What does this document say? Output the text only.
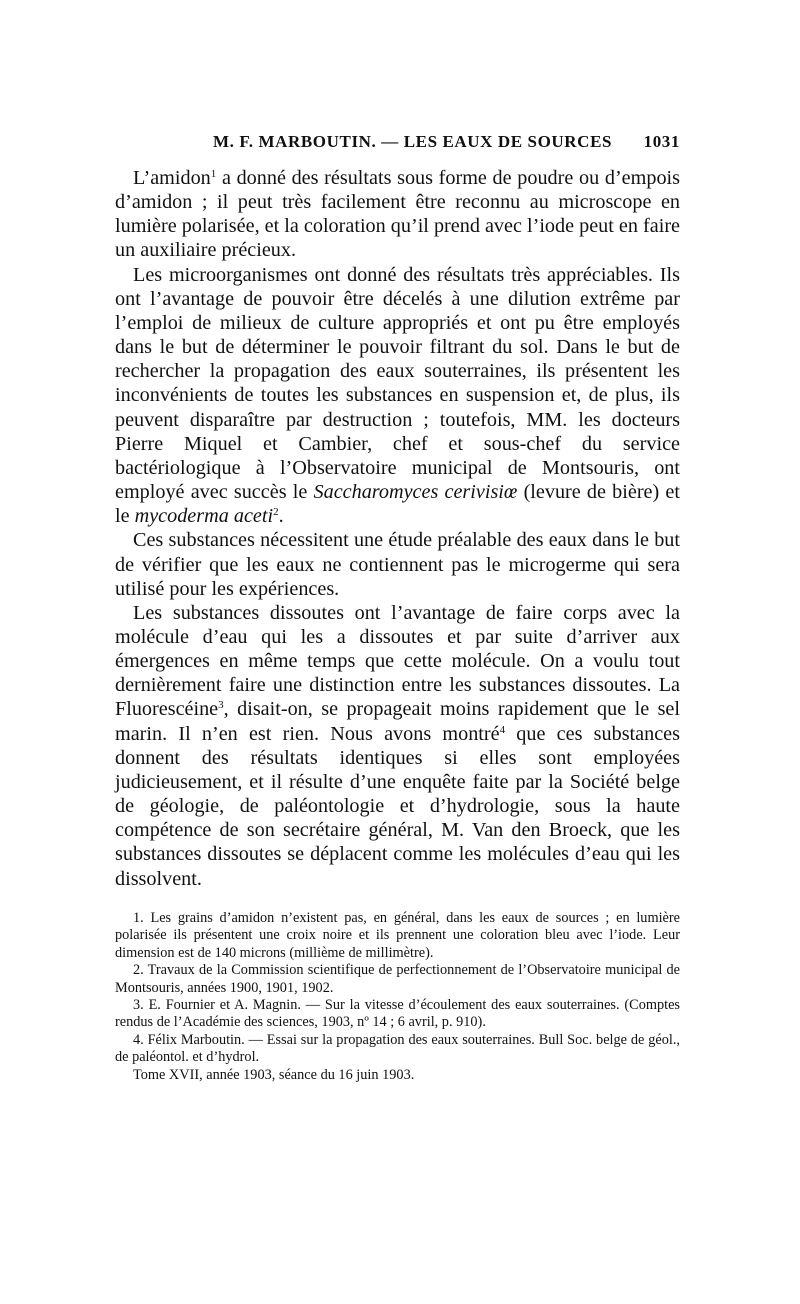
M. F. MARBOUTIN. — LES EAUX DE SOURCES 1031

L’amidon$^1$ a donné des résultats sous forme de poudre ou d’empois d’amidon ; il peut très facilement être reconnu au microscope en lumière polarisée, et la coloration qu’il prend avec l’iode peut en faire un auxiliaire précieux.

Les microorganismes ont donné des résultats très appréciables. Ils ont l’avantage de pouvoir être décelés à une dilution extrême par l’emploi de milieux de culture appropriés et ont pu être employés dans le but de déterminer le pouvoir filtrant du sol. Dans le but de rechercher la propagation des eaux souterraines, ils présentent les inconvénients de toutes les substances en suspension et, de plus, ils peuvent disparaître par destruction ; toutefois, MM. les docteurs Pierre Miquel et Cambier, chef et sous-chef du service bactériologique à l’Observatoire municipal de Montsouris, ont employé avec succès le Saccharomyces cerivisiœ (levure de bière) et le mycoderma aceti$^2$.

Ces substances nécessitent une étude préalable des eaux dans le but de vérifier que les eaux ne contiennent pas le microgerme qui sera utilisé pour les expériences.

Les substances dissoutes ont l’avantage de faire corps avec la molécule d’eau qui les a dissoutes et par suite d’arriver aux émergences en même temps que cette molécule. On a voulu tout dernièrement faire une distinction entre les substances dissoutes. La Fluorescéine$^3$, disait-on, se propageait moins rapidement que le sel marin. Il n’en est rien. Nous avons montré$^4$ que ces substances donnent des résultats identiques si elles sont employées judicieusement, et il résulte d’une enquête faite par la Société belge de géologie, de paléontologie et d’hydrologie, sous la haute compétence de son secrétaire général, M. Van den Broeck, que les substances dissoutes se déplacent comme les molécules d’eau qui les dissolvent.

1. Les grains d’amidon n’existent pas, en général, dans les eaux de sources ; en lumière polarisée ils présentent une croix noire et ils prennent une coloration bleu avec l’iode. Leur dimension est de 140 microns (millième de millimètre).

2. Travaux de la Commission scientifique de perfectionnement de l’Observatoire municipal de Montsouris, années 1900, 1901, 1902.

3. E. Fournier et A. Magnin. — Sur la vitesse d’écoulement des eaux souterraines. (Comptes rendus de l’Académie des sciences, 1903, nº 14 ; 6 avril, p. 910).

4. Félix Marboutin. — Essai sur la propagation des eaux souterraines. Bull Soc. belge de géol., de paléontol. et d’hydrol.

Tome XVII, année 1903, séance du 16 juin 1903.
